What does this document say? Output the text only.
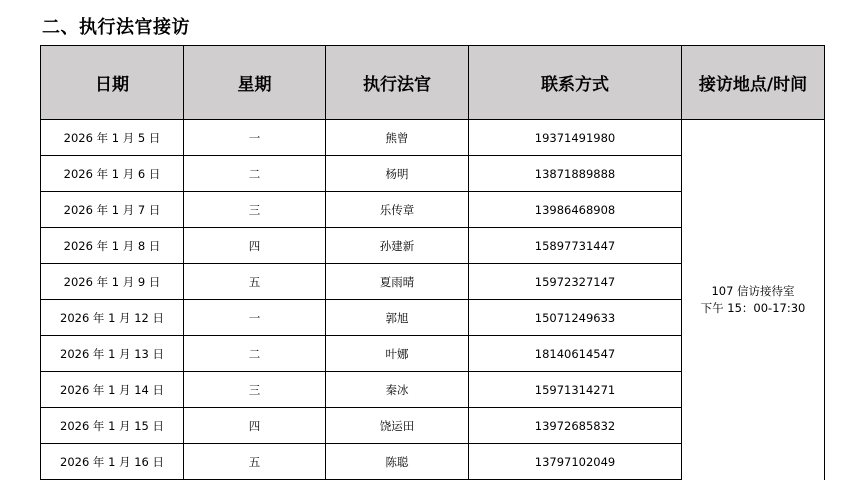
二、执行法官接访
日期	星期	执行法官	联系方式	接访地点/时间
2026 年 1 月 5 日	一	熊曾	19371491980	107 信访接待室
下午 15：00-17:30

2026 年 1 月 6 日	二	杨明	13871889888	
2026 年 1 月 7 日	三	乐传章	13986468908	
2026 年 1 月 8 日	四	孙建新	15897731447	
2026 年 1 月 9 日	五	夏雨晴	15972327147	
2026 年 1 月 12 日	一	郭旭	15071249633	
2026 年 1 月 13 日	二	叶娜	18140614547	
2026 年 1 月 14 日	三	秦冰	15971314271	
2026 年 1 月 15 日	四	饶运田	13972685832	
2026 年 1 月 16 日	五	陈聪	13797102049	
